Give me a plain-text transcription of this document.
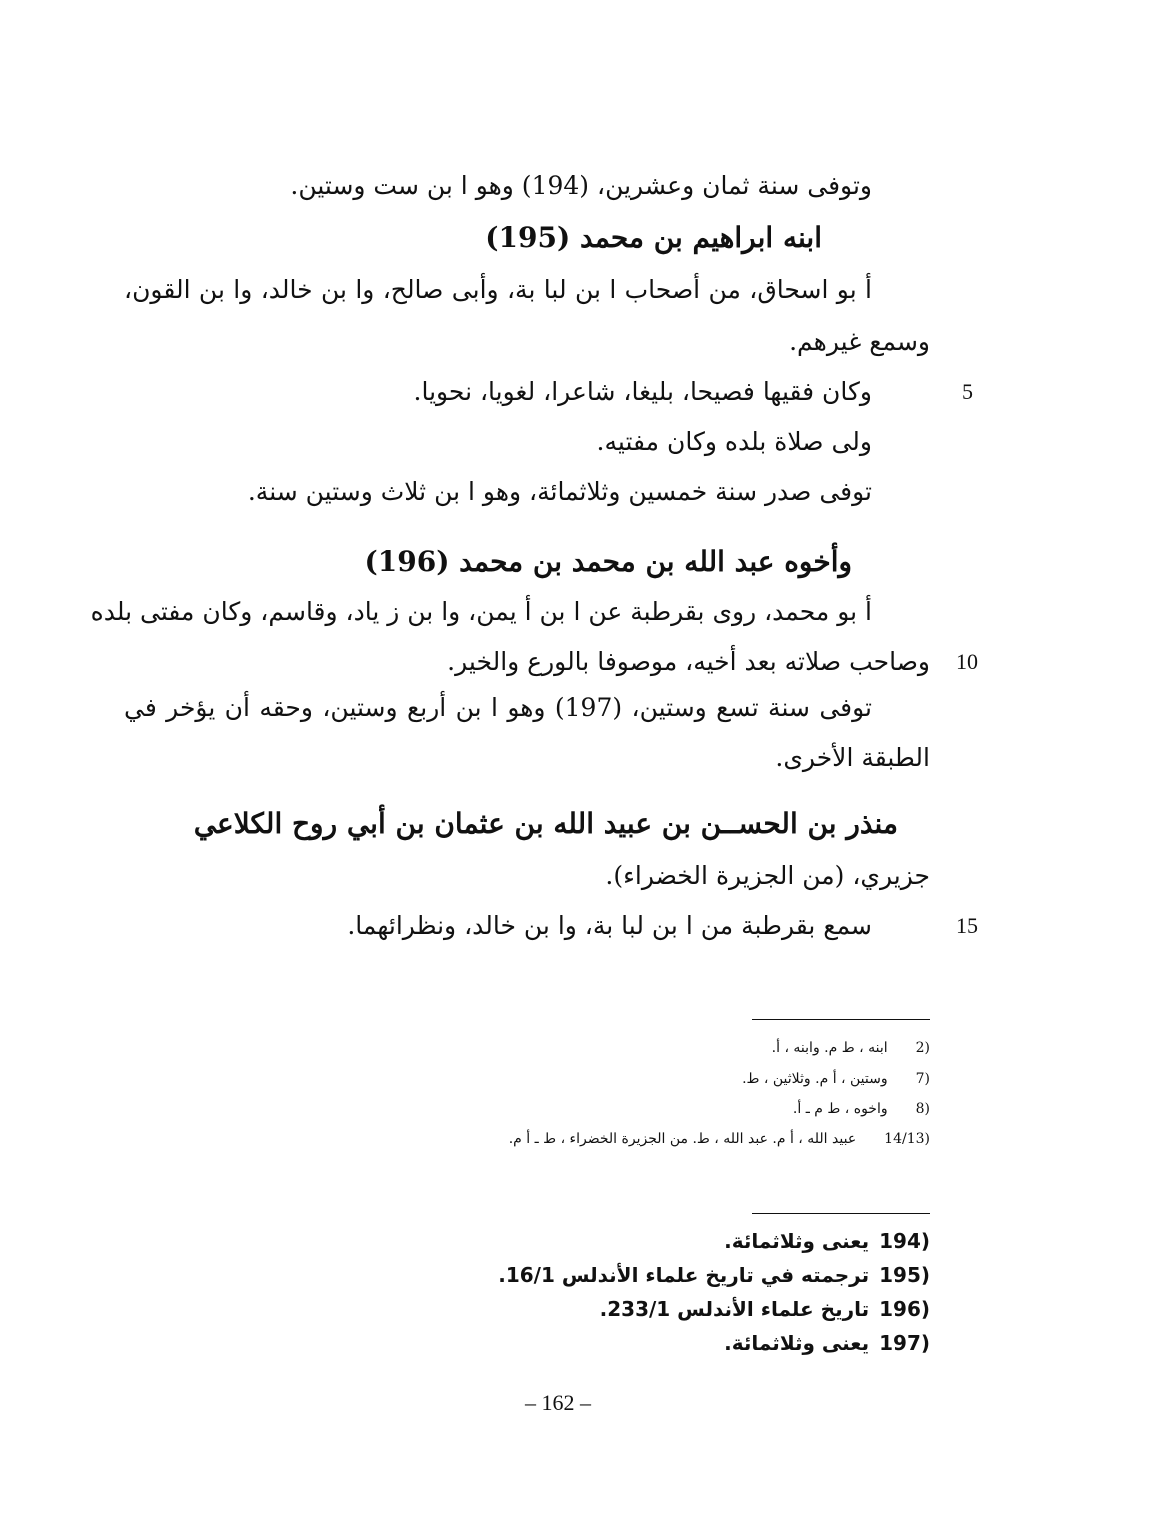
وتوفى سنة ثمان وعشرين، (194) وهو ا بن ست وستين.
ابنه ابراهيم بن محمد (195)
أ بو اسحاق، من أصحاب ا بن لبا بة، وأبى صالح، وا بن خالد، وا بن القون،
وسمع غيرهم.
وكان فقيها فصيحا، بليغا، شاعرا، لغويا، نحويا.
ولى صلاة بلده وكان مفتيه.
توفى صدر سنة خمسين وثلاثمائة، وهو ا بن ثلاث وستين سنة.
وأخوه عبد الله بن محمد بن محمد (196)
أ بو محمد، روى بقرطبة عن ا بن أ يمن، وا بن ز ياد، وقاسم، وكان مفتى بلده
وصاحب صلاته بعد أخيه، موصوفا بالورع والخير.
توفى سنة تسع وستين، (197) وهو ا بن أربع وستين، وحقه أن يؤخر في
الطبقة الأخرى.
منذر بن الحســن بن عبيد الله بن عثمان بن أبي روح الكلاعي
جزيري، (من الجزيرة الخضراء).
سمع بقرطبة من ا بن لبا بة، وا بن خالد، ونظرائهما.
5
10
15
(2  ابنه ، ط م. وابنه ، أ.
(7  وستين ، أ م. وثلاثين ، ط.
(8  واخوه ، ط م ـ أ.
(14/13  عبيد الله ، أ م. عبد الله ، ط. من الجزيرة الخضراء ، ط ـ أ م.
(194 يعنى وثلاثمائة.
(195 ترجمته في تاريخ علماء الأندلس 16/1.
(196 تاريخ علماء الأندلس 233/1.
(197 يعنى وثلاثمائة.
– 162 –
